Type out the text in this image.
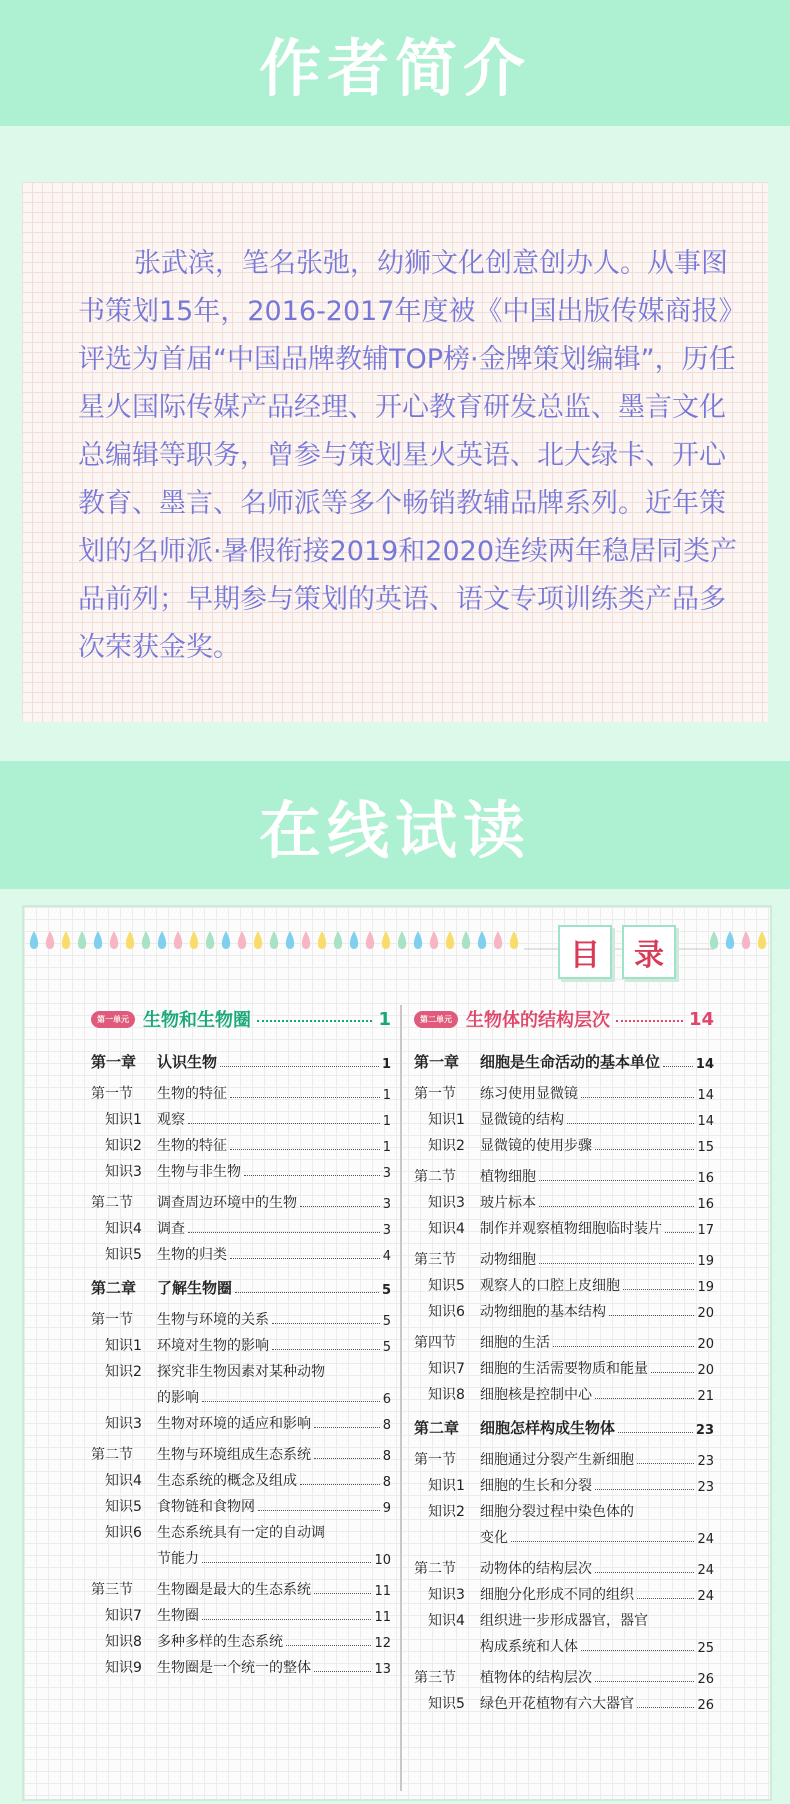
作者简介

张武滨，笔名张弛，幼狮文化创意创办人。从事图书策划15年，2016-2017年度被《中国出版传媒商报》评选为首届“中国品牌教辅TOP榜·金牌策划编辑”，历任星火国际传媒产品经理、开心教育研发总监、墨言文化总编辑等职务，曾参与策划星火英语、北大绿卡、开心教育、墨言、名师派等多个畅销教辅品牌系列。近年策划的名师派·暑假衔接2019和2020连续两年稳居同类产品前列；早期参与策划的英语、语文专项训练类产品多次荣获金奖。

在线试读
目 录
第一单元 生物和生物圈	1
第一章	认识生物	1
第一节	生物的特征	1
知识1	观察	1
知识2	生物的特征	1
知识3	生物与非生物	3
第二节	调查周边环境中的生物	3
知识4	调查	3
知识5	生物的归类	4
第二章	了解生物圈	5
第一节	生物与环境的关系	5
知识1	环境对生物的影响	5
知识2	探究非生物因素对某种动物
的影响	6
知识3	生物对环境的适应和影响	8
第二节	生物与环境组成生态系统	8
知识4	生态系统的概念及组成	8
知识5	食物链和食物网	9
知识6	生态系统具有一定的自动调
节能力	10
第三节	生物圈是最大的生态系统	11
知识7	生物圈	11
知识8	多种多样的生态系统	12
知识9	生物圈是一个统一的整体	13
第二单元 生物体的结构层次	14
第一章	细胞是生命活动的基本单位	14
第一节	练习使用显微镜	14
知识1	显微镜的结构	14
知识2	显微镜的使用步骤	15
第二节	植物细胞	16
知识3	玻片标本	16
知识4	制作并观察植物细胞临时装片	17
第三节	动物细胞	19
知识5	观察人的口腔上皮细胞	19
知识6	动物细胞的基本结构	20
第四节	细胞的生活	20
知识7	细胞的生活需要物质和能量	20
知识8	细胞核是控制中心	21
第二章	细胞怎样构成生物体	23
第一节	细胞通过分裂产生新细胞	23
知识1	细胞的生长和分裂	23
知识2	细胞分裂过程中染色体的
变化	24
第二节	动物体的结构层次	24
知识3	细胞分化形成不同的组织	24
知识4	组织进一步形成器官，器官
构成系统和人体	25
第三节	植物体的结构层次	26
知识5	绿色开花植物有六大器官	26
